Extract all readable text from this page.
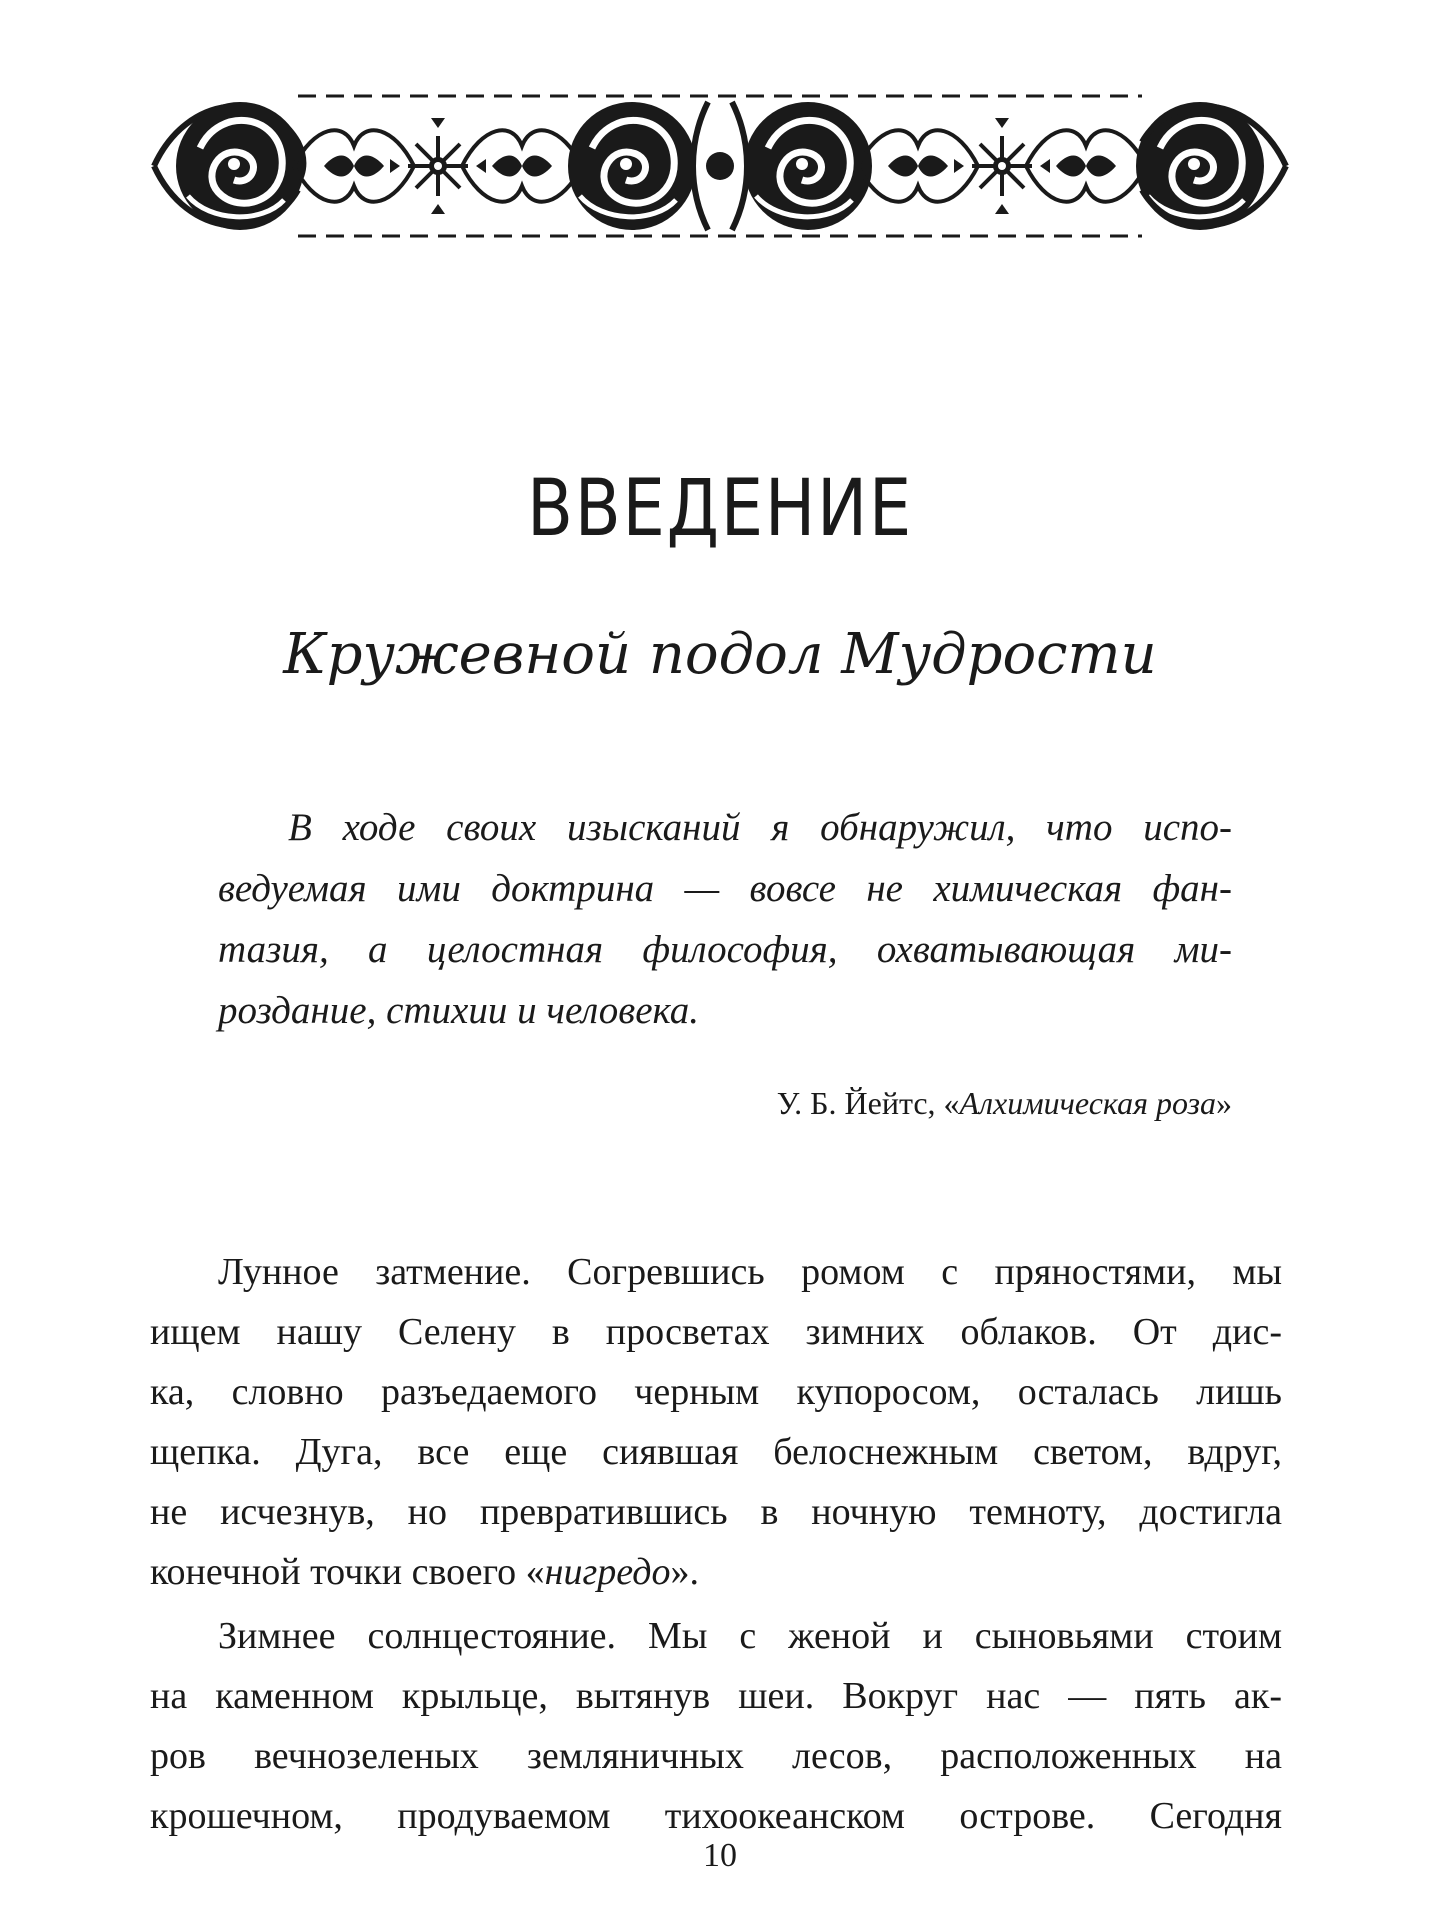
ВВЕДЕНИЕ
Кружевной подол Мудрости
В ходе своих изысканий я обнаружил, что испо-
ведуемая ими доктрина — вовсе не химическая фан-
тазия, а целостная философия, охватывающая ми-
роздание, стихии и человека.

У. Б. Йейтс, «Алхимическая роза»

Лунное затмение. Согревшись ромом с пряностями, мы
ищем нашу Селену в просветах зимних облаков. От дис-
ка, словно разъедаемого черным купоросом, осталась лишь
щепка. Дуга, все еще сиявшая белоснежным светом, вдруг,
не исчезнув, но превратившись в ночную темноту, достигла
конечной точки своего «нигредо».
Зимнее солнцестояние. Мы с женой и сыновьями стоим
на каменном крыльце, вытянув шеи. Вокруг нас — пять ак-
ров вечнозеленых земляничных лесов, расположенных на
крошечном, продуваемом тихоокеанском острове. Сегодня
10
